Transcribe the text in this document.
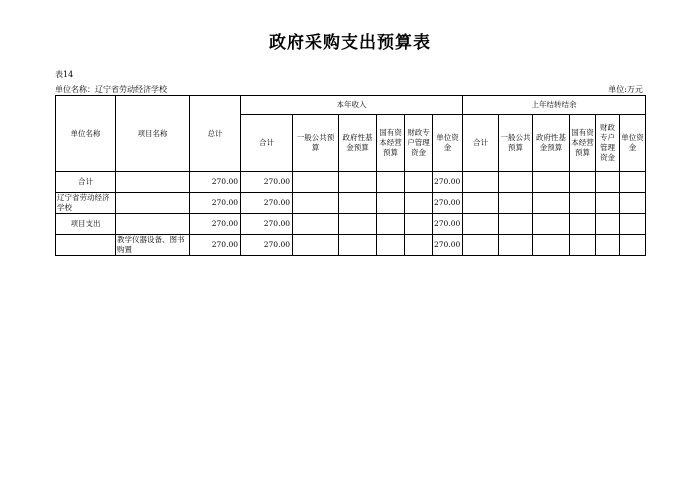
政府采购支出预算表
表14
单位名称：辽宁省劳动经济学校	单位:万元
单位名称	项目名称	总计	本年收入						上年结转结余					
			合计	一般公共预算	政府性基金预算	国有资本经营预算	财政专户管理资金	单位资金	合计	一般公共预算	政府性基金预算	国有资本经营预算	财政专户管理资金	单位资金
合计		270.00	270.00					270.00						
辽宁省劳动经济学校		270.00	270.00					270.00						
项目支出		270.00	270.00					270.00						
	教学仪器设备、图书购置	270.00	270.00					270.00						
